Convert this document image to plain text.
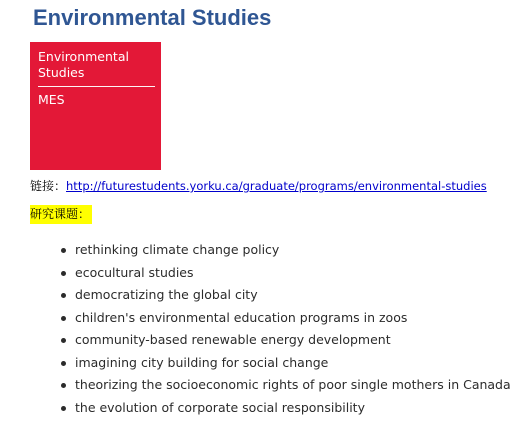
Environmental Studies

Environmental Studies

MES

链接：http://futurestudents.yorku.ca/graduate/programs/environmental-studies
研究课题：
rethinking climate change policy
ecocultural studies
democratizing the global city
children's environmental education programs in zoos
community-based renewable energy development
imagining city building for social change
theorizing the socioeconomic rights of poor single mothers in Canada
the evolution of corporate social responsibility
